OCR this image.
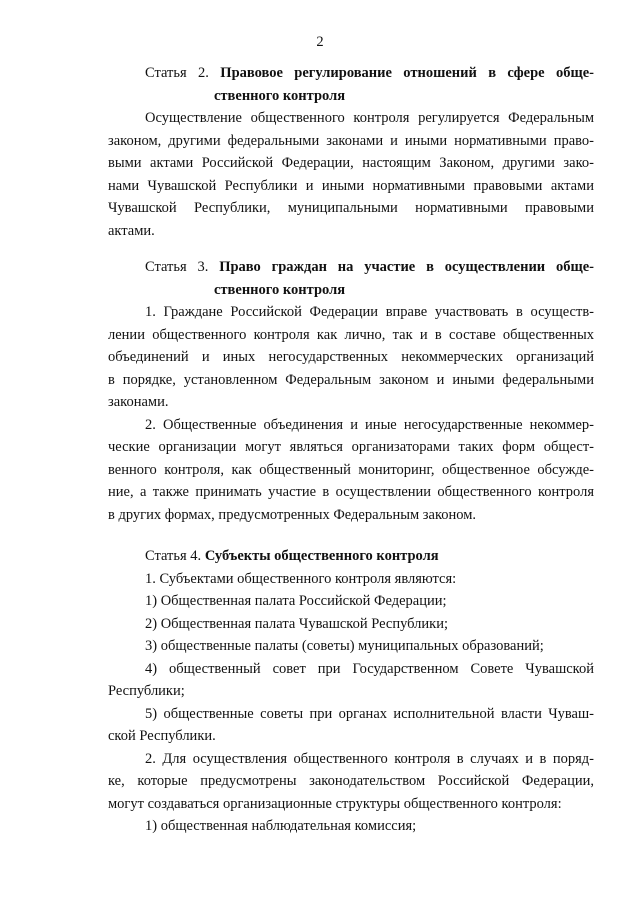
2
Статья 2. Правовое регулирование отношений в сфере обще-
ственного контроля
Осуществление общественного контроля регулируется Федеральным
законом, другими федеральными законами и иными нормативными право-
выми актами Российской Федерации, настоящим Законом, другими зако-
нами Чувашской Республики и иными нормативными правовыми актами
Чувашской Республики, муниципальными нормативными правовыми
актами.
Статья 3. Право граждан на участие в осуществлении обще-
ственного контроля
1. Граждане Российской Федерации вправе участвовать в осуществ-
лении общественного контроля как лично, так и в составе общественных
объединений и иных негосударственных некоммерческих организаций
в порядке, установленном Федеральным законом и иными федеральными
законами.
2. Общественные объединения и иные негосударственные некоммер-
ческие организации могут являться организаторами таких форм общест-
венного контроля, как общественный мониторинг, общественное обсужде-
ние, а также принимать участие в осуществлении общественного контроля
в других формах, предусмотренных Федеральным законом.
Статья 4. Субъекты общественного контроля
1. Субъектами общественного контроля являются:
1) Общественная палата Российской Федерации;
2) Общественная палата Чувашской Республики;
3) общественные палаты (советы) муниципальных образований;
4) общественный совет при Государственном Совете Чувашской
Республики;
5) общественные советы при органах исполнительной власти Чуваш-
ской Республики.
2. Для осуществления общественного контроля в случаях и в поряд-
ке, которые предусмотрены законодательством Российской Федерации,
могут создаваться организационные структуры общественного контроля:
1) общественная наблюдательная комиссия;
